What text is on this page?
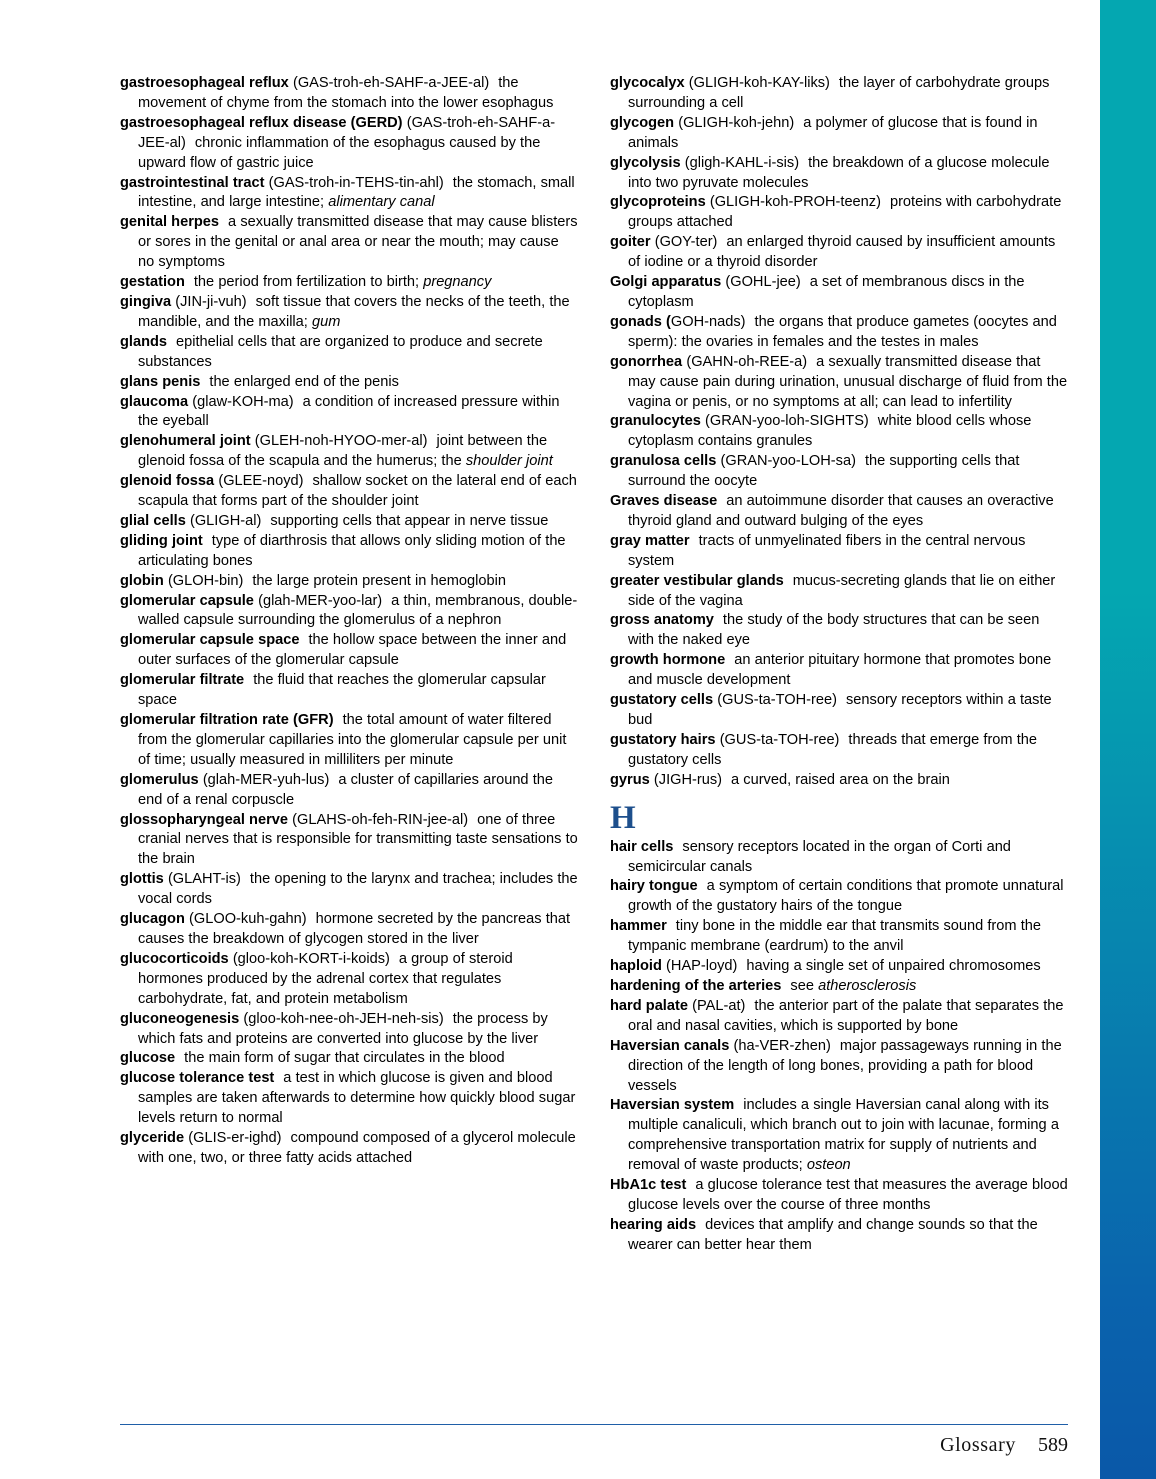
gastroesophageal reflux (GAS-troh-eh-SAHF-a-JEE-al) the movement of chyme from the stomach into the lower esophagus
gastroesophageal reflux disease (GERD) (GAS-troh-eh-SAHF-a-JEE-al) chronic inflammation of the esophagus caused by the upward flow of gastric juice
gastrointestinal tract (GAS-troh-in-TEHS-tin-ahl) the stomach, small intestine, and large intestine; alimentary canal
genital herpes a sexually transmitted disease that may cause blisters or sores in the genital or anal area or near the mouth; may cause no symptoms
gestation the period from fertilization to birth; pregnancy
gingiva (JIN-ji-vuh) soft tissue that covers the necks of the teeth, the mandible, and the maxilla; gum
glands epithelial cells that are organized to produce and secrete substances
glans penis the enlarged end of the penis
glaucoma (glaw-KOH-ma) a condition of increased pressure within the eyeball
glenohumeral joint (GLEH-noh-HYOO-mer-al) joint between the glenoid fossa of the scapula and the humerus; the shoulder joint
glenoid fossa (GLEE-noyd) shallow socket on the lateral end of each scapula that forms part of the shoulder joint
glial cells (GLIGH-al) supporting cells that appear in nerve tissue
gliding joint type of diarthrosis that allows only sliding motion of the articulating bones
globin (GLOH-bin) the large protein present in hemoglobin
glomerular capsule (glah-MER-yoo-lar) a thin, membranous, double-walled capsule surrounding the glomerulus of a nephron
glomerular capsule space the hollow space between the inner and outer surfaces of the glomerular capsule
glomerular filtrate the fluid that reaches the glomerular capsular space
glomerular filtration rate (GFR) the total amount of water filtered from the glomerular capillaries into the glomerular capsule per unit of time; usually measured in milliliters per minute
glomerulus (glah-MER-yuh-lus) a cluster of capillaries around the end of a renal corpuscle
glossopharyngeal nerve (GLAHS-oh-feh-RIN-jee-al) one of three cranial nerves that is responsible for transmitting taste sensations to the brain
glottis (GLAHT-is) the opening to the larynx and trachea; includes the vocal cords
glucagon (GLOO-kuh-gahn) hormone secreted by the pancreas that causes the breakdown of glycogen stored in the liver
glucocorticoids (gloo-koh-KORT-i-koids) a group of steroid hormones produced by the adrenal cortex that regulates carbohydrate, fat, and protein metabolism
gluconeogenesis (gloo-koh-nee-oh-JEH-neh-sis) the process by which fats and proteins are converted into glucose by the liver
glucose the main form of sugar that circulates in the blood
glucose tolerance test a test in which glucose is given and blood samples are taken afterwards to determine how quickly blood sugar levels return to normal
glyceride (GLIS-er-ighd) compound composed of a glycerol molecule with one, two, or three fatty acids attached
glycocalyx (GLIGH-koh-KAY-liks) the layer of carbohydrate groups surrounding a cell
glycogen (GLIGH-koh-jehn) a polymer of glucose that is found in animals
glycolysis (gligh-KAHL-i-sis) the breakdown of a glucose molecule into two pyruvate molecules
glycoproteins (GLIGH-koh-PROH-teenz) proteins with carbohydrate groups attached
goiter (GOY-ter) an enlarged thyroid caused by insufficient amounts of iodine or a thyroid disorder
Golgi apparatus (GOHL-jee) a set of membranous discs in the cytoplasm
gonads (GOH-nads) the organs that produce gametes (oocytes and sperm): the ovaries in females and the testes in males
gonorrhea (GAHN-oh-REE-a) a sexually transmitted disease that may cause pain during urination, unusual discharge of fluid from the vagina or penis, or no symptoms at all; can lead to infertility
granulocytes (GRAN-yoo-loh-SIGHTS) white blood cells whose cytoplasm contains granules
granulosa cells (GRAN-yoo-LOH-sa) the supporting cells that surround the oocyte
Graves disease an autoimmune disorder that causes an overactive thyroid gland and outward bulging of the eyes
gray matter tracts of unmyelinated fibers in the central nervous system
greater vestibular glands mucus-secreting glands that lie on either side of the vagina
gross anatomy the study of the body structures that can be seen with the naked eye
growth hormone an anterior pituitary hormone that promotes bone and muscle development
gustatory cells (GUS-ta-TOH-ree) sensory receptors within a taste bud
gustatory hairs (GUS-ta-TOH-ree) threads that emerge from the gustatory cells
gyrus (JIGH-rus) a curved, raised area on the brain
H
hair cells sensory receptors located in the organ of Corti and semicircular canals
hairy tongue a symptom of certain conditions that promote unnatural growth of the gustatory hairs of the tongue
hammer tiny bone in the middle ear that transmits sound from the tympanic membrane (eardrum) to the anvil
haploid (HAP-loyd) having a single set of unpaired chromosomes
hardening of the arteries see atherosclerosis
hard palate (PAL-at) the anterior part of the palate that separates the oral and nasal cavities, which is supported by bone
Haversian canals (ha-VER-zhen) major passageways running in the direction of the length of long bones, providing a path for blood vessels
Haversian system includes a single Haversian canal along with its multiple canaliculi, which branch out to join with lacunae, forming a comprehensive transportation matrix for supply of nutrients and removal of waste products; osteon
HbA1c test a glucose tolerance test that measures the average blood glucose levels over the course of three months
hearing aids devices that amplify and change sounds so that the wearer can better hear them
Glossary 589
